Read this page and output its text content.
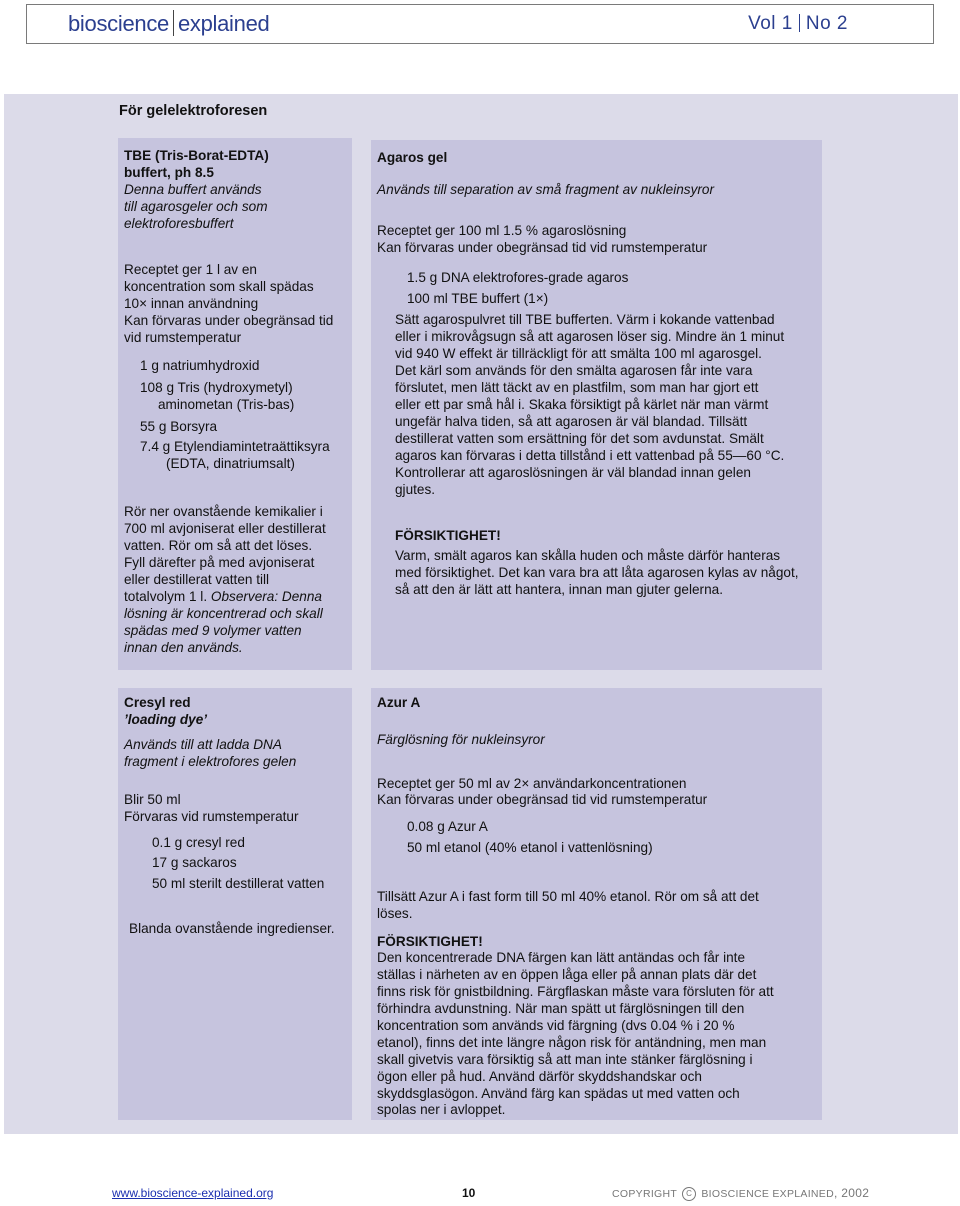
bioscience explained	Vol 1 No 2
För gelelektroforesen

TBE (Tris-Borat-EDTA)

buffert, ph 8.5

Denna buffert används

till agarosgeler och som

elektroforesbuffert

Receptet ger 1 l av en

koncentration som skall spädas

10× innan användning

Kan förvaras under obegränsad tid

vid rumstemperatur

1 g natriumhydroxid

108 g Tris (hydroxymetyl)

aminometan (Tris-bas)

55 g Borsyra

7.4 g Etylendiamintetraättiksyra

(EDTA, dinatriumsalt)

Rör ner ovanstående kemikalier i

700 ml avjoniserat eller destillerat

vatten. Rör om så att det löses.

Fyll därefter på med avjoniserat

eller destillerat vatten till

totalvolym 1 l. Observera: Denna

lösning är koncentrerad och skall

spädas med 9 volymer vatten

innan den används.

Agaros gel

Används till separation av små fragment av nukleinsyror

Receptet ger 100 ml 1.5 % agaroslösning

Kan förvaras under obegränsad tid vid rumstemperatur

1.5 g DNA elektrofores-grade agaros

100 ml TBE buffert (1×)

Sätt agarospulvret till TBE bufferten. Värm i kokande vattenbad

eller i mikrovågsugn så att agarosen löser sig. Mindre än 1 minut

vid 940 W effekt är tillräckligt för att smälta 100 ml agarosgel.

Det kärl som används för den smälta agarosen får inte vara

förslutet, men lätt täckt av en plastfilm, som man har gjort ett

eller ett par små hål i. Skaka försiktigt på kärlet när man värmt

ungefär halva tiden, så att agarosen är väl blandad. Tillsätt

destillerat vatten som ersättning för det som avdunstat. Smält

agaros kan förvaras i detta tillstånd i ett vattenbad på 55—60 °C.

Kontrollerar att agaroslösningen är väl blandad innan gelen

gjutes.

FÖRSIKTIGHET!

Varm, smält agaros kan skålla huden och måste därför hanteras

med försiktighet. Det kan vara bra att låta agarosen kylas av något,

så att den är lätt att hantera, innan man gjuter gelerna.

Cresyl red

’loading dye’

Används till att ladda DNA

fragment i elektrofores gelen

Blir 50 ml

Förvaras vid rumstemperatur

0.1 g cresyl red

17 g sackaros

50 ml sterilt destillerat vatten

Blanda ovanstående ingredienser.

Azur A

Färglösning för nukleinsyror

Receptet ger 50 ml av 2× användarkoncentrationen

Kan förvaras under obegränsad tid vid rumstemperatur

0.08 g Azur A

50 ml etanol (40% etanol i vattenlösning)

Tillsätt Azur A i fast form till 50 ml 40% etanol. Rör om så att det

löses.

FÖRSIKTIGHET!

Den koncentrerade DNA färgen kan lätt antändas och får inte

ställas i närheten av en öppen låga eller på annan plats där det

finns risk för gnistbildning. Färgflaskan måste vara försluten för att

förhindra avdunstning. När man spätt ut färglösningen till den

koncentration som används vid färgning (dvs 0.04 % i 20 %

etanol), finns det inte längre någon risk för antändning, men man

skall givetvis vara försiktig så att man inte stänker färglösning i

ögon eller på hud. Använd därför skyddshandskar och

skyddsglasögon. Använd färg kan spädas ut med vatten och

spolas ner i avloppet.

www.bioscience-explained.org	10	COPYRIGHT C BIOSCIENCE EXPLAINED, 2002
